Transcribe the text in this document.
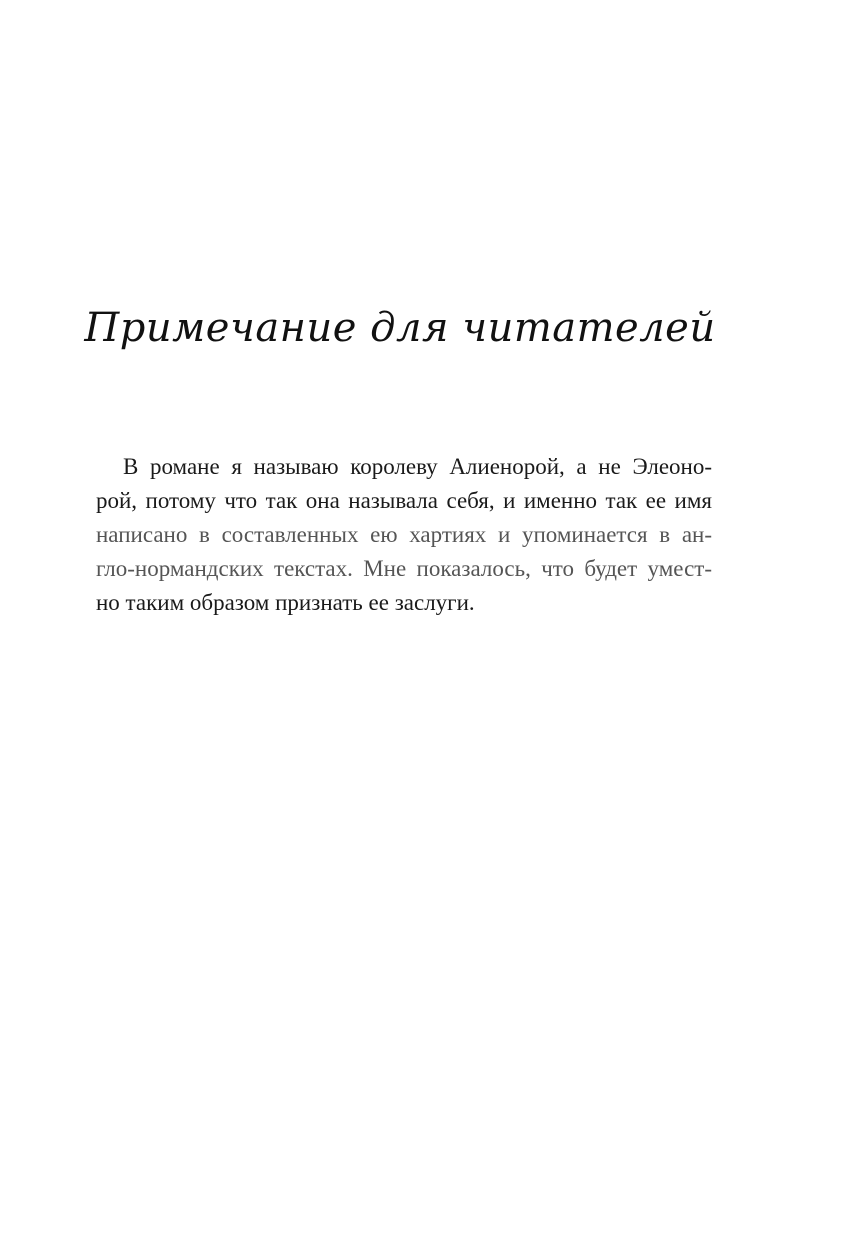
Примечание для читателей

В романе я называю королеву Алиенорой, а не Элеоно-
рой, потому что так она называла себя, и именно так ее имя
написано в составленных ею хартиях и упоминается в ан-
гло-нормандских текстах. Мне показалось, что будет умест-
но таким образом признать ее заслуги.
